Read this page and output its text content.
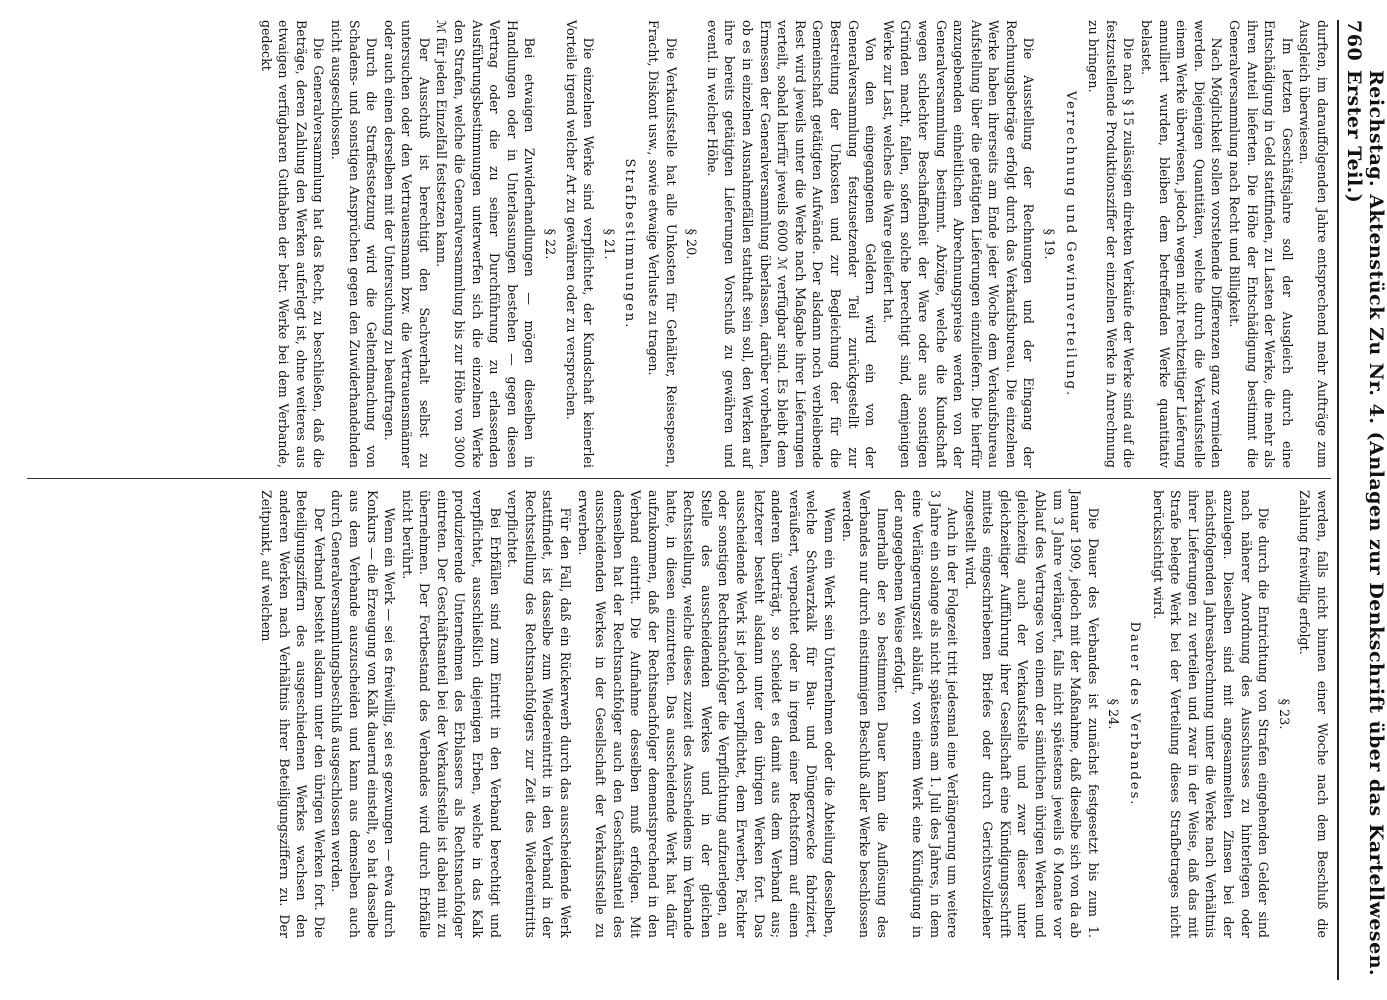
760
Reichstag. Aktenstück Zu Nr. 4. (Anlagen zur Denkschrift über das Kartellwesen. Erster Teil.)

durften, im darauffolgenden Jahre entsprechend mehr Aufträge zum Ausgleich überwiesen.

Im letzten Geschäftsjahre soll der Ausgleich durch eine Entschädigung in Geld stattfinden, zu Lasten der Werke, die mehr als ihren Anteil lieferten. Die Höhe der Entschädigung bestimmt die Generalversammlung nach Recht und Billigkeit.

Nach Möglichkeit sollen vorstehende Differenzen ganz vermieden werden. Diejenigen Quantitäten, welche durch die Verkaufsstelle einem Werke überwiesen, jedoch wegen nicht rechtzeitiger Lieferung annulliert wurden, bleiben dem betreffenden Werke quantitativ belastet.

Die nach § 15 zulässigen direkten Verkäufe der Werke sind auf die festzustellende Produktionsziffer der einzelnen Werke in Anrechnung zu bringen.

Verrechnung und Gewinnverteilung.
§ 19.

Die Ausstellung der Rechnungen und der Eingang der Rechnungsbeträge erfolgt durch das Verkaufsbureau. Die einzelnen Werke haben ihrerseits am Ende jeder Woche dem Verkaufsbureau Aufstellung über die getätigten Lieferungen einzuliefern. Die hierfür anzugebenden einheitlichen Abrechnungspreise werden von der Generalversammlung bestimmt. Abzüge, welche die Kundschaft wegen schlechter Beschaffenheit der Ware oder aus sonstigen Gründen macht, fallen, sofern solche berechtigt sind, demjenigen Werke zur Last, welches die Ware geliefert hat.

Von den eingegangenen Geldern wird ein von der Generalversammlung festzusetzender Teil zurückgestellt zur Bestreitung der Unkosten und zur Begleichung der für die Gemeinschaft getätigten Aufwände. Der alsdann noch verbleibende Rest wird jeweils unter die Werke nach Maßgabe ihrer Lieferungen verteilt, sobald hierfür jeweils 6000 ℳ verfügbar sind. Es bleibt dem Ermessen der Generalversammlung überlassen, darüber vorbehalten, ob es in einzelnen Ausnahmefällen statthaft sein soll, den Werken auf ihre bereits getätigten Lieferungen Vorschuß zu gewähren und eventl. in welcher Höhe.

§ 20.

Die Verkaufsstelle hat alle Unkosten für Gehälter, Reisespesen, Fracht, Diskont usw., sowie etwaige Verluste zu tragen.

Strafbestimmungen.
§ 21.

Die einzelnen Werke sind verpflichtet, der Kundschaft keinerlei Vorteile irgend welcher Art zu gewähren oder zu versprechen.

§ 22.

Bei etwaigen Zuwiderhandlungen — mögen dieselben in Handlungen oder in Unterlassungen bestehen — gegen diesen Vertrag oder die zu seiner Durchführung zu erlassenden Ausführungsbestimmungen unterwerfen sich die einzelnen Werke den Strafen, welche die Generalversammlung bis zur Höhe von 3000 ℳ für jeden Einzelfall festsetzen kann.

Der Ausschuß ist berechtigt den Sachverhalt selbst zu untersuchen oder den Vertrauensmann bzw. die Vertrauensmänner oder auch einen derselben mit der Untersuchung zu beauftragen.

Durch die Straffestsetzung wird die Geltendmachung von Schadens- und sonstigen Ansprüchen gegen den Zuwiderhandelnden nicht ausgeschlossen.

Die Generalversammlung hat das Recht, zu beschließen, daß die Beträge, deren Zahlung den Werken auferlegt ist, ohne weiteres aus etwaigen verfügbaren Guthaben der betr. Werke bei dem Verbande, gedeckt

werden, falls nicht binnen einer Woche nach dem Beschluß die Zahlung freiwillig erfolgt.

§ 23.

Die durch die Entrichtung von Strafen eingehenden Gelder sind nach näherer Anordnung des Ausschusses zu hinterlegen oder anzulegen. Dieselben sind mit angesammelten Zinsen bei der nächstfolgenden Jahresabrechnung unter die Werke nach Verhältnis ihrer Lieferungen zu verteilen und zwar in der Weise, daß das mit Strafe belegte Werk bei der Verteilung dieses Strafbetrages nicht berücksichtigt wird.

Dauer des Verbandes.
§ 24.

Die Dauer des Verbandes ist zunächst festgesetzt bis zum 1. Januar 1909, jedoch mit der Maßnahme, daß dieselbe sich von da ab um 3 Jahre verlängert, falls nicht spätestens jeweils 6 Monate vor Ablauf des Vertrages von einem der sämtlichen übrigen Werken und gleichzeitig auch der Verkaufsstelle und zwar dieser unter gleichzeitiger Aufführung ihrer Gesellschaft eine Kündigungsschrift mittels eingeschriebenen Briefes oder durch Gerichtsvollzieher zugestellt wird.

Auch in der Folgezeit tritt jedesmal eine Verlängerung um weitere 3 Jahre ein solange als nicht spätestens am 1. Juli des Jahres, in dem eine Verlängerungszeit abläuft, von einem Werk eine Kündigung in der angegebenen Weise erfolgt.

Innerhalb der so bestimmten Dauer kann die Auflösung des Verbandes nur durch einstimmigen Beschluß aller Werke beschlossen werden.

Wenn ein Werk sein Unternehmen oder die Abteilung desselben, welche Schwarzkalk für Bau- und Düngerzwecke fabriziert, veräußert, verpachtet oder in irgend einer Rechtsform auf einen anderen überträgt, so scheidet es damit aus dem Verband aus; letzterer besteht alsdann unter den übrigen Werken fort. Das ausscheidende Werk ist jedoch verpflichtet, dem Erwerber, Pächter oder sonstigen Rechtsnachfolger die Verpflichtung aufzuerlegen, an Stelle des ausscheidenden Werkes und in der gleichen Rechtsstellung, welche dieses zuzeit des Ausscheidens im Verbande hatte, in diesen einzutreten. Das ausscheidende Werk hat dafür aufzukommen, daß der Rechtsnachfolger demenstsprechend in den Verband eintritt. Die Aufnahme desselben muß erfolgen. Mit demselben hat der Rechtsnachfolger auch den Geschäftsanteil des ausscheidenden Werkes in der Gesellschaft der Verkaufsstelle zu erwerben.

Für den Fall, daß ein Rückerwerb durch das ausscheidende Werk stattfindet, ist dasselbe zum Wiedereintritt in den Verband in der Rechtsstellung des Rechtsnachfolgers zur Zeit des Wiedereintritts verpflichtet.

Bei Erbfällen sind zum Eintritt in den Verband berechtigt und verpflichtet, ausschließlich diejenigen Erben, welche in das Kalk produzierende Unternehmen des Erblassers als Rechtsnachfolger eintreten. Der Geschäftsanteil bei der Verkaufsstelle ist dabei mit zu übernehmen. Der Fortbestand des Verbandes wird durch Erbfälle nicht berührt.

Wenn ein Werk — sei es freiwillig, sei es gezwungen — etwa durch Konkurs — die Erzeugung von Kalk dauernd einstellt, so hat dasselbe aus dem Verbande auszuscheiden und kann aus demselben auch durch Generalversammlungsbeschluß ausgeschlossen werden.

Der Verband besteht alsdann unter den übrigen Werken fort. Die Beteiligungsziffern des ausgeschiedenen Werkes wachsen den anderen Werken nach Verhältnis ihrer Beteiligungsziffern zu. Der Zeitpunkt, auf welchem
